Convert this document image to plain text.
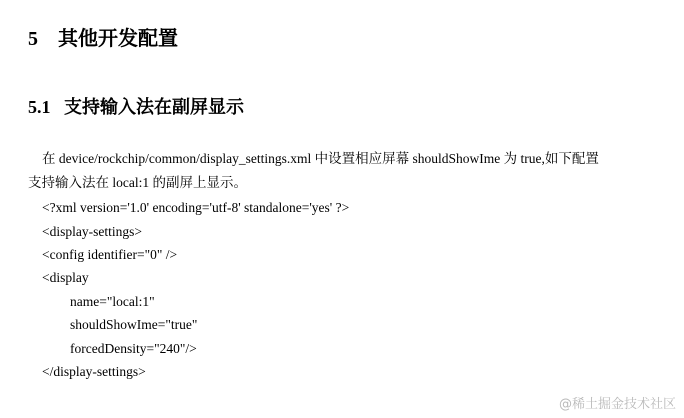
5 其他开发配置
5.1 支持输入法在副屏显示
在 device/rockchip/common/display_settings.xml 中设置相应屏幕 shouldShowIme 为 true,如下配置
支持输入法在 local:1 的副屏上显示。
<?xml version='1.0' encoding='utf-8' standalone='yes' ?>
<display-settings>
<config identifier="0" />
<display
name="local:1"
shouldShowIme="true"
forcedDensity="240"/>
</display-settings>
@稀土掘金技术社区
